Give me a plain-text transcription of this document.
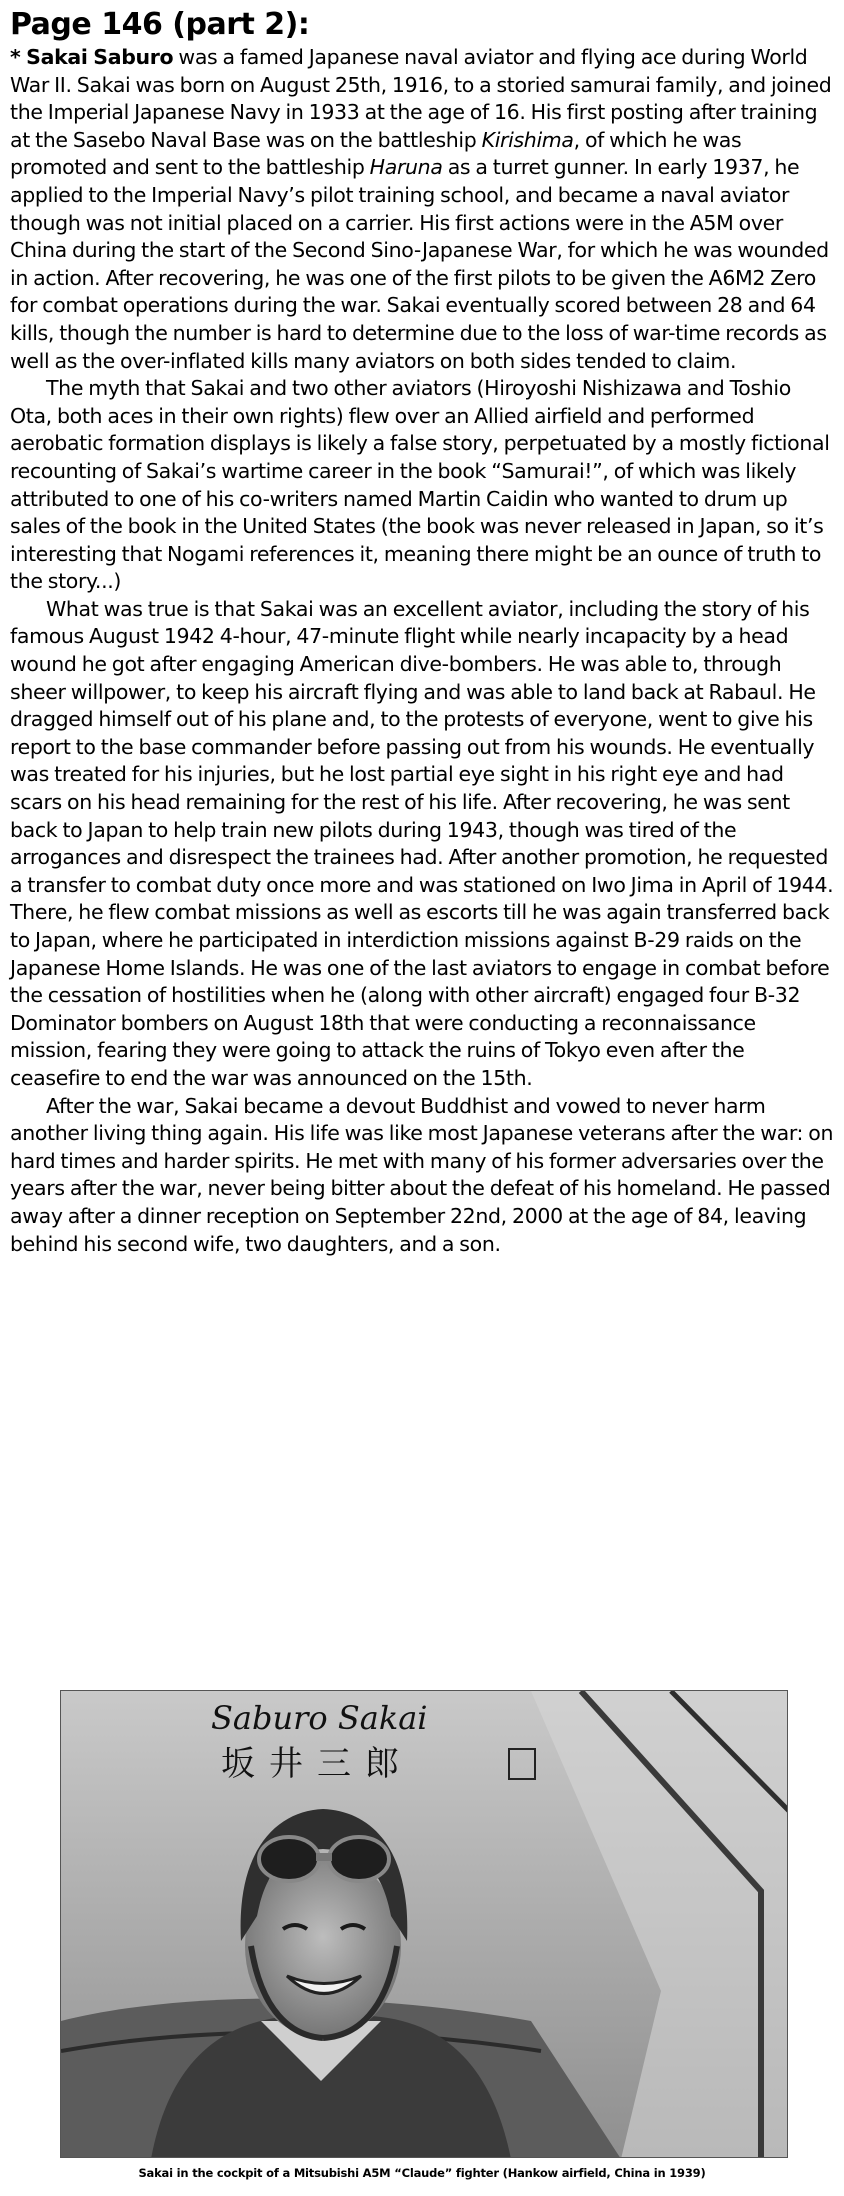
Page 146 (part 2):

* Sakai Saburo was a famed Japanese naval aviator and flying ace during World War II. Sakai was born on August 25th, 1916, to a storied samurai family, and joined the Imperial Japanese Navy in 1933 at the age of 16. His first posting after training at the Sasebo Naval Base was on the battleship Kirishima, of which he was promoted and sent to the battleship Haruna as a turret gunner. In early 1937, he applied to the Imperial Navy’s pilot training school, and became a naval aviator though was not initial placed on a carrier. His first actions were in the A5M over China during the start of the Second Sino-Japanese War, for which he was wounded in action. After recovering, he was one of the first pilots to be given the A6M2 Zero for combat operations during the war. Sakai eventually scored between 28 and 64 kills, though the number is hard to determine due to the loss of war-time records as well as the over-inflated kills many aviators on both sides tended to claim.

The myth that Sakai and two other aviators (Hiroyoshi Nishizawa and Toshio Ota, both aces in their own rights) flew over an Allied airfield and performed aerobatic formation displays is likely a false story, perpetuated by a mostly fictional recounting of Sakai’s wartime career in the book “Samurai!”, of which was likely attributed to one of his co-writers named Martin Caidin who wanted to drum up sales of the book in the United States (the book was never released in Japan, so it’s interesting that Nogami references it, meaning there might be an ounce of truth to the story...)

What was true is that Sakai was an excellent aviator, including the story of his famous August 1942 4-hour, 47-minute flight while nearly incapacity by a head wound he got after engaging American dive-bombers. He was able to, through sheer willpower, to keep his aircraft flying and was able to land back at Rabaul. He dragged himself out of his plane and, to the protests of everyone, went to give his report to the base commander before passing out from his wounds. He eventually was treated for his injuries, but he lost partial eye sight in his right eye and had scars on his head remaining for the rest of his life. After recovering, he was sent back to Japan to help train new pilots during 1943, though was tired of the arrogances and disrespect the trainees had. After another promotion, he requested a transfer to combat duty once more and was stationed on Iwo Jima in April of 1944. There, he flew combat missions as well as escorts till he was again transferred back to Japan, where he participated in interdiction missions against B-29 raids on the Japanese Home Islands. He was one of the last aviators to engage in combat before the cessation of hostilities when he (along with other aircraft) engaged four B-32 Dominator bombers on August 18th that were conducting a reconnaissance mission, fearing they were going to attack the ruins of Tokyo even after the ceasefire to end the war was announced on the 15th.

After the war, Sakai became a devout Buddhist and vowed to never harm another living thing again. His life was like most Japanese veterans after the war: on hard times and harder spirits. He met with many of his former adversaries over the years after the war, never being bitter about the defeat of his homeland. He passed away after a dinner reception on September 22nd, 2000 at the age of 84, leaving behind his second wife, two daughters, and a son.

Saburo Sakai
坂井三郎
Sakai in the cockpit of a Mitsubishi A5M “Claude” fighter (Hankow airfield, China in 1939)
